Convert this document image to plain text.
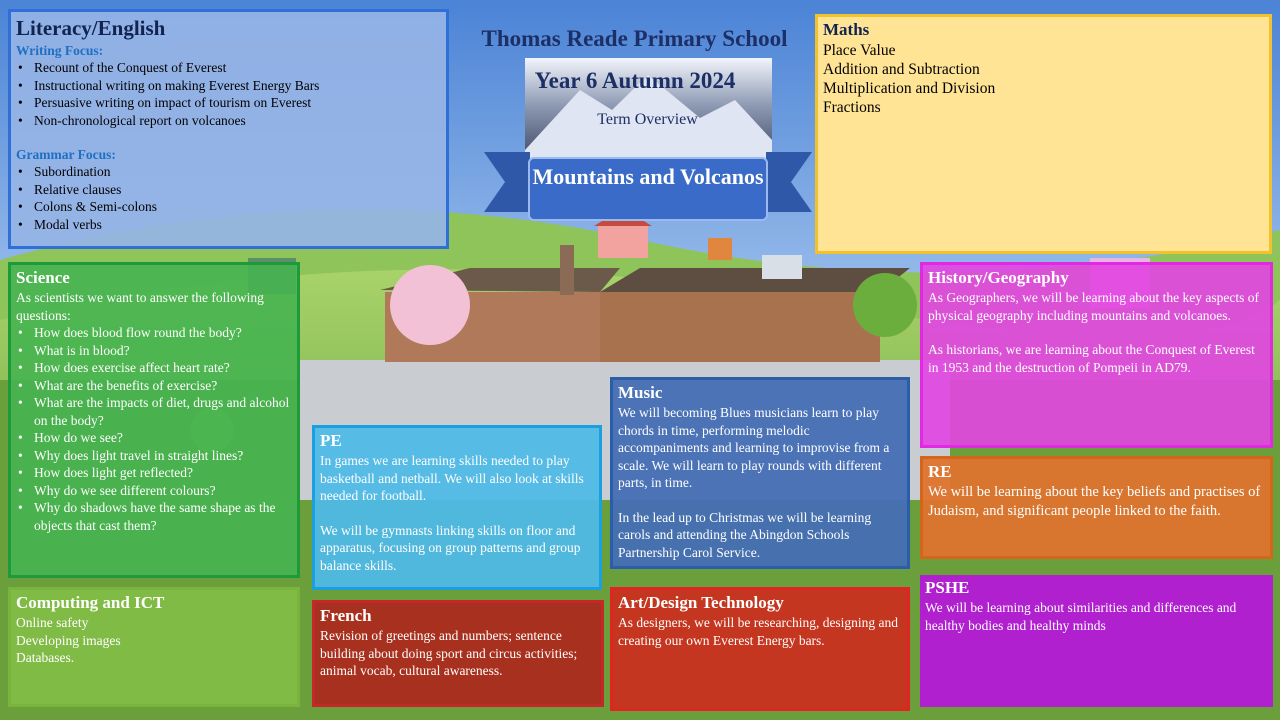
Thomas Reade Primary School
Year 6 Autumn 2024
Term Overview
Mountains and Volcanos
Literacy/English
Writing Focus:
• Recount of the Conquest of Everest
• Instructional writing on making Everest Energy Bars
• Persuasive writing on impact of tourism on Everest
• Non-chronological report on volcanoes
Grammar Focus:
• Subordination
• Relative clauses
• Colons & Semi-colons
• Modal verbs
Maths

Place Value

Addition and Subtraction

Multiplication and Division

Fractions

Science

As scientists we want to answer the following questions:

• How does blood flow round the body?
• What is in blood?
• How does exercise affect heart rate?
• What are the benefits of exercise?
• What are the impacts of diet, drugs and alcohol on the body?
• How do we see?
• Why does light travel in straight lines?
• How does light get reflected?
• Why do we see different colours?
• Why do shadows have the same shape as the objects that cast them?
PE

In games we are learning skills needed to play basketball and netball. We will also look at skills needed for football.

We will be gymnasts linking skills on floor and apparatus, focusing on group patterns and group balance skills.

Music

We will becoming Blues musicians learn to play chords in time, performing melodic accompaniments and learning to improvise from a scale. We will learn to play rounds with different parts, in time.

In the lead up to Christmas we will be learning carols and attending the Abingdon Schools Partnership Carol Service.

History/Geography

As Geographers, we will be learning about the key aspects of physical geography including mountains and volcanoes.

As historians, we are learning about the Conquest of Everest in 1953 and the destruction of Pompeii in AD79.

RE

We will be learning about the key beliefs and practises of Judaism, and significant people linked to the faith.

Computing and ICT

Online safety

Developing images

Databases.

French

Revision of greetings and numbers; sentence building about doing sport and circus activities; animal vocab, cultural awareness.

Art/Design Technology

As designers, we will be researching, designing and creating our own Everest Energy bars.

PSHE

We will be learning about similarities and differences and healthy bodies and healthy minds
